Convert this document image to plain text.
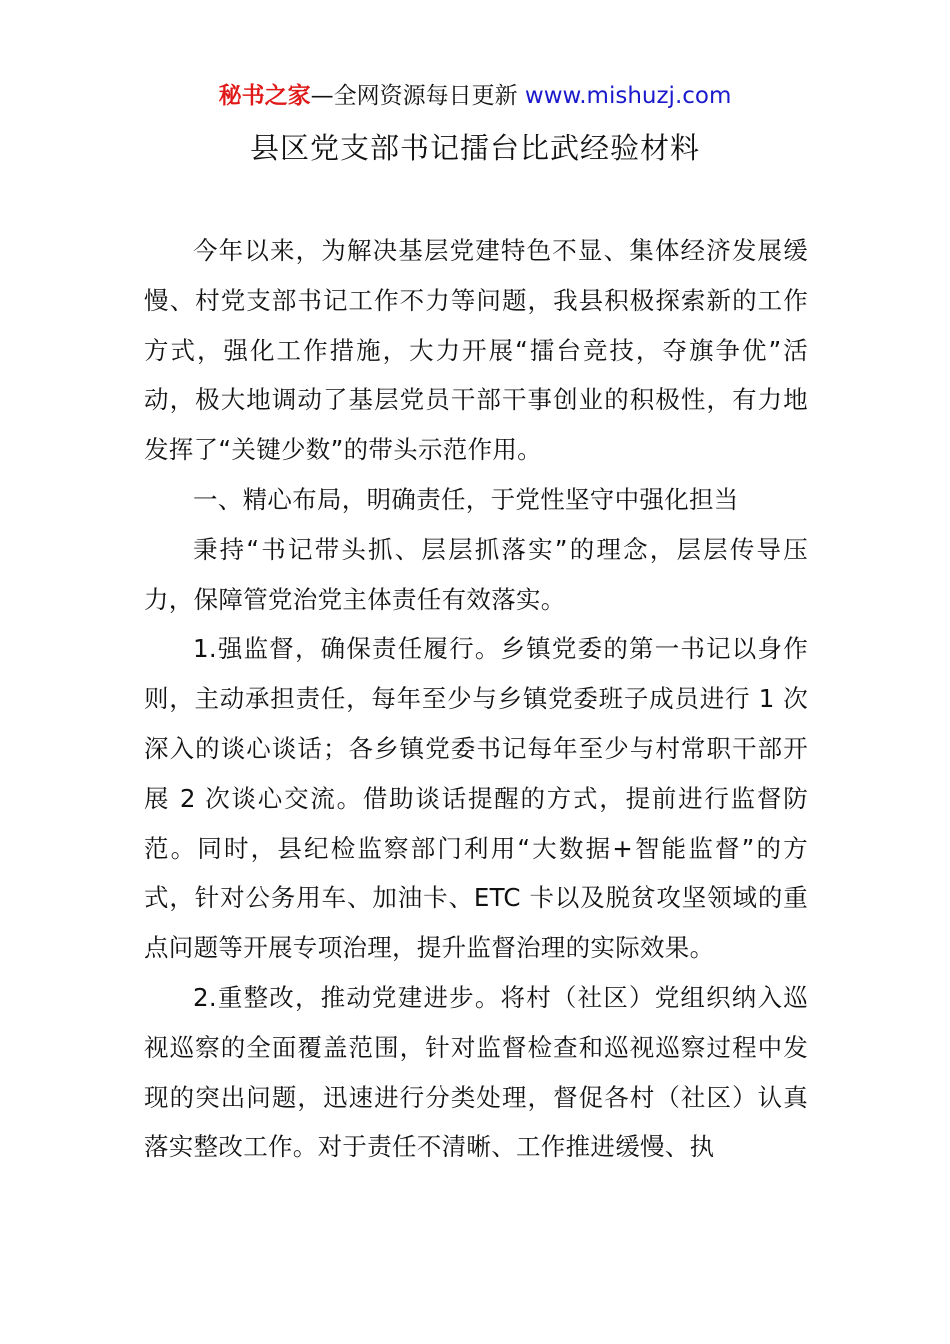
秘书之家—全网资源每日更新 www.mishuzj.com
县区党支部书记擂台比武经验材料

今年以来，为解决基层党建特色不显、集体经济发展缓慢、村党支部书记工作不力等问题，我县积极探索新的工作方式，强化工作措施，大力开展“擂台竞技，夺旗争优”活动，极大地调动了基层党员干部干事创业的积极性，有力地发挥了“关键少数”的带头示范作用。

一、精心布局，明确责任，于党性坚守中强化担当

秉持“书记带头抓、层层抓落实”的理念，层层传导压力，保障管党治党主体责任有效落实。

1.强监督，确保责任履行。乡镇党委的第一书记以身作则，主动承担责任，每年至少与乡镇党委班子成员进行 1 次深入的谈心谈话；各乡镇党委书记每年至少与村常职干部开展 2 次谈心交流。借助谈话提醒的方式，提前进行监督防范。同时，县纪检监察部门利用“大数据+智能监督”的方式，针对公务用车、加油卡、ETC 卡以及脱贫攻坚领域的重点问题等开展专项治理，提升监督治理的实际效果。

2.重整改，推动党建进步。将村（社区）党组织纳入巡视巡察的全面覆盖范围，针对监督检查和巡视巡察过程中发现的突出问题，迅速进行分类处理，督促各村（社区）认真落实整改工作。对于责任不清晰、工作推进缓慢、执
